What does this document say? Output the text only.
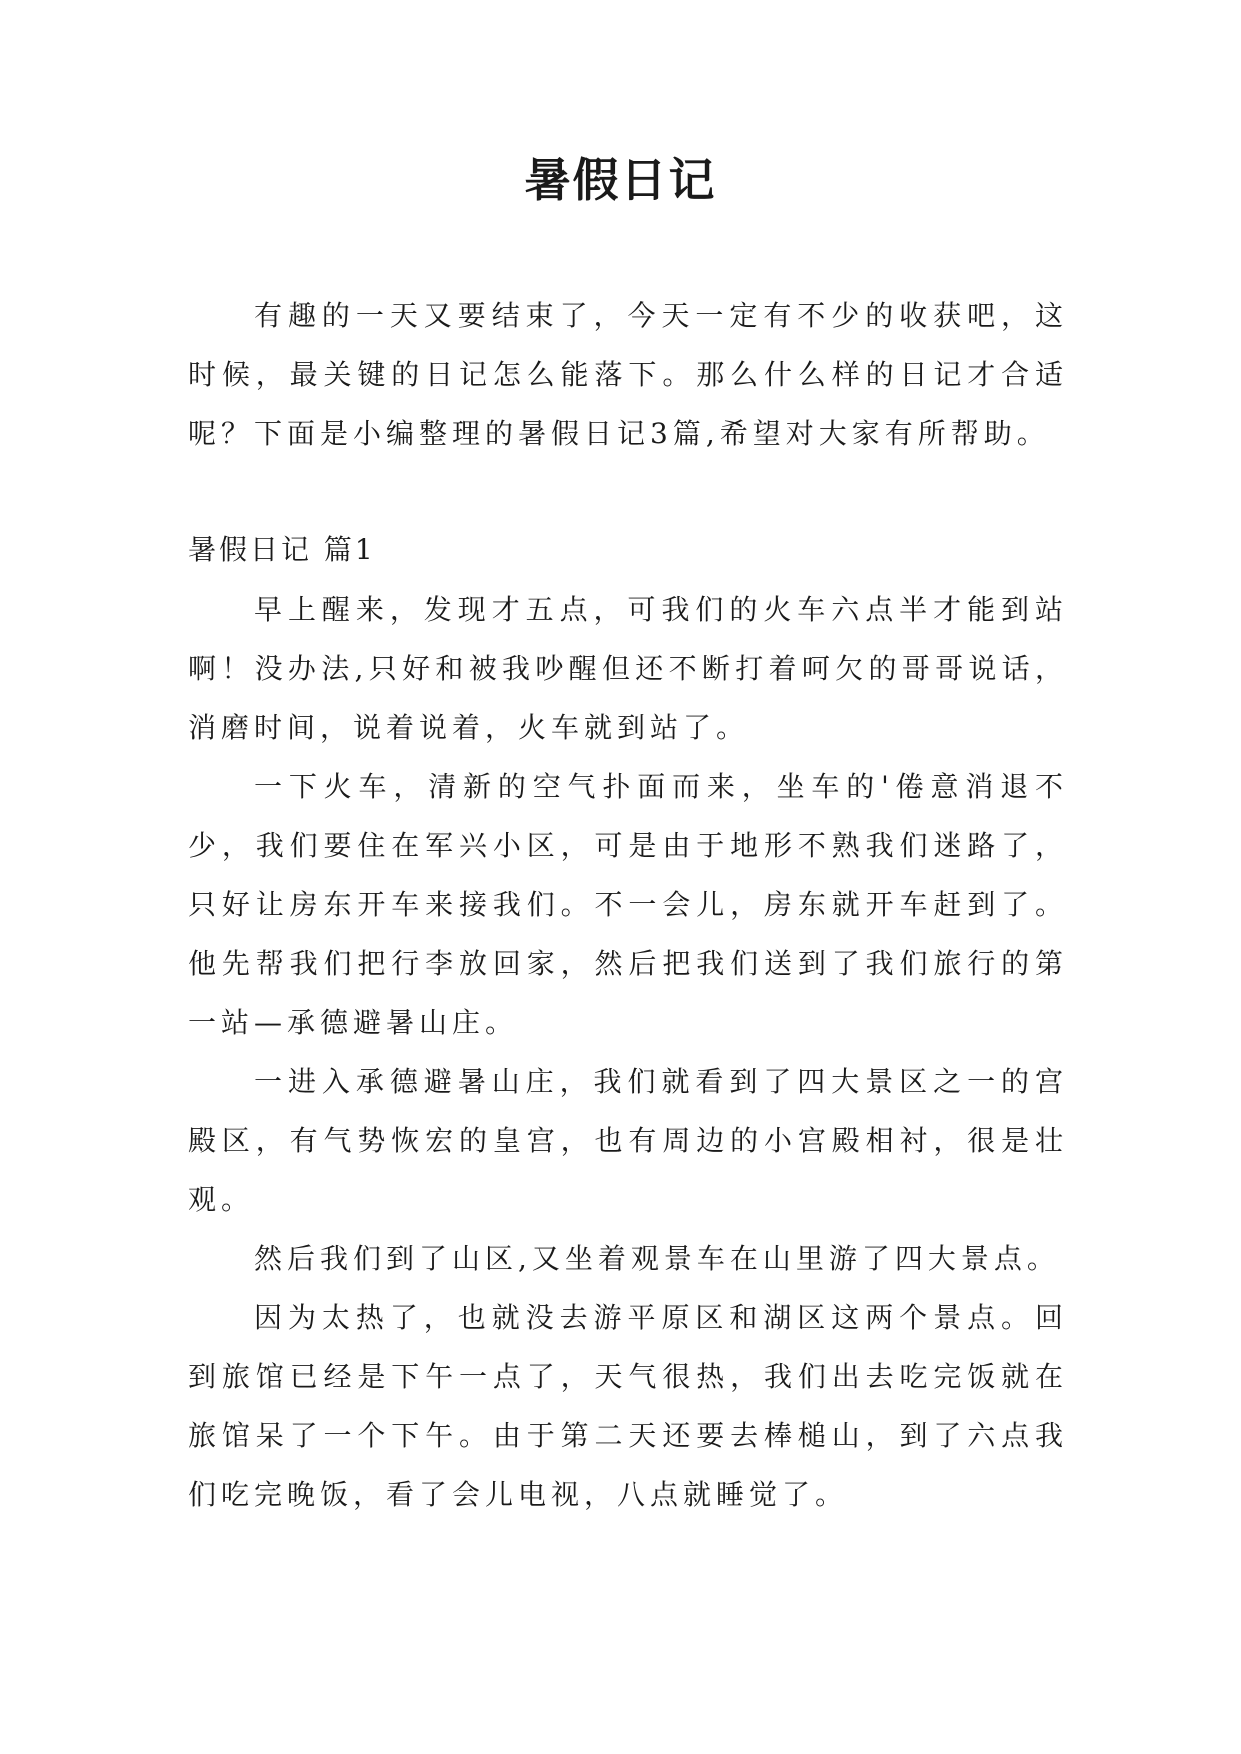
暑假日记

有趣的一天又要结束了，今天一定有不少的收获吧，这时候，最关键的日记怎么能落下。那么什么样的日记才合适呢？下面是小编整理的暑假日记3篇,希望对大家有所帮助。

暑假日记 篇1

早上醒来，发现才五点，可我们的火车六点半才能到站啊！没办法,只好和被我吵醒但还不断打着呵欠的哥哥说话，消磨时间，说着说着，火车就到站了。

一下火车，清新的空气扑面而来，坐车的'倦意消退不少，我们要住在军兴小区，可是由于地形不熟我们迷路了，只好让房东开车来接我们。不一会儿，房东就开车赶到了。他先帮我们把行李放回家，然后把我们送到了我们旅行的第一站—承德避暑山庄。

一进入承德避暑山庄，我们就看到了四大景区之一的宫殿区，有气势恢宏的皇宫，也有周边的小宫殿相衬，很是壮观。

然后我们到了山区,又坐着观景车在山里游了四大景点。

因为太热了，也就没去游平原区和湖区这两个景点。回到旅馆已经是下午一点了，天气很热，我们出去吃完饭就在旅馆呆了一个下午。由于第二天还要去棒槌山，到了六点我们吃完晚饭，看了会儿电视，八点就睡觉了。
